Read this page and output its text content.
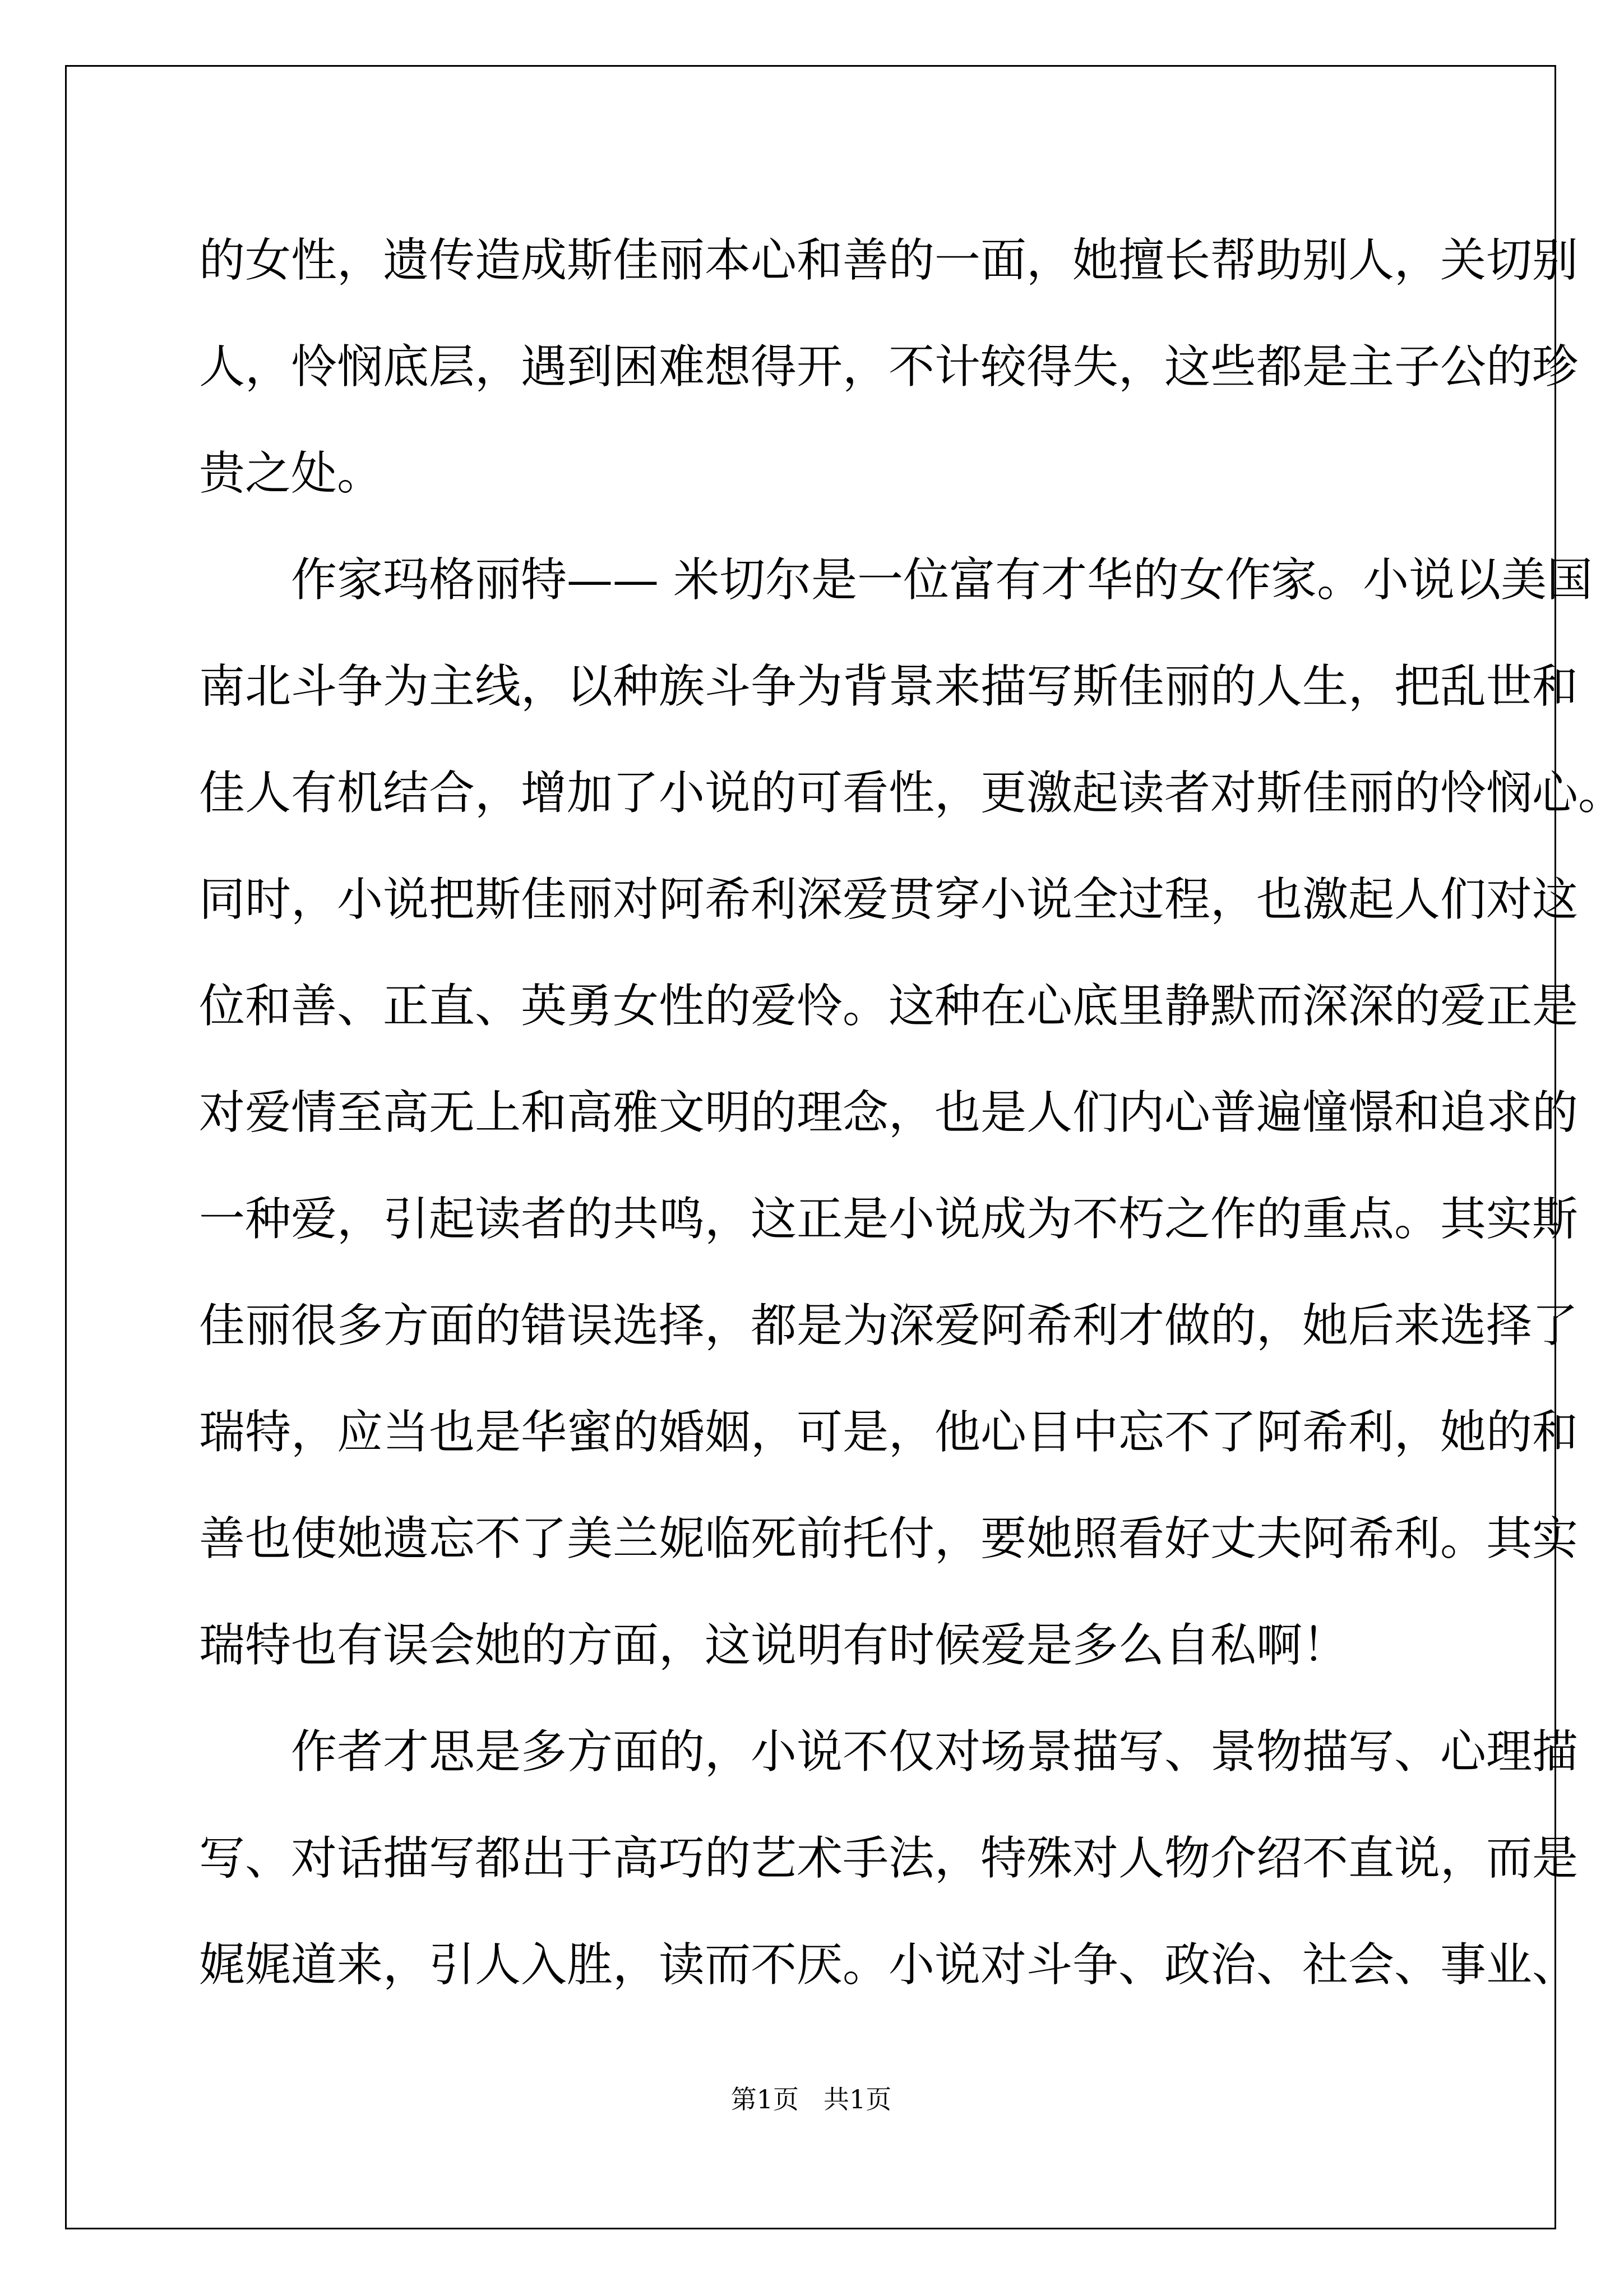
的女性，遗传造成斯佳丽本心和善的一面，她擅长帮助别人，关切别

人，怜悯底层，遇到困难想得开，不计较得失，这些都是主子公的珍

贵之处。

作家玛格丽特—— 米切尔是一位富有才华的女作家。小说以美国

南北斗争为主线，以种族斗争为背景来描写斯佳丽的人生，把乱世和

佳人有机结合，增加了小说的可看性，更激起读者对斯佳丽的怜悯心。

同时，小说把斯佳丽对阿希利深爱贯穿小说全过程，也激起人们对这

位和善、正直、英勇女性的爱怜。这种在心底里静默而深深的爱正是

对爱情至高无上和高雅文明的理念，也是人们内心普遍憧憬和追求的

一种爱，引起读者的共鸣，这正是小说成为不朽之作的重点。其实斯

佳丽很多方面的错误选择，都是为深爱阿希利才做的，她后来选择了

瑞特，应当也是华蜜的婚姻，可是，他心目中忘不了阿希利，她的和

善也使她遗忘不了美兰妮临死前托付，要她照看好丈夫阿希利。其实

瑞特也有误会她的方面，这说明有时候爱是多么自私啊！

作者才思是多方面的，小说不仅对场景描写、景物描写、心理描

写、对话描写都出于高巧的艺术手法，特殊对人物介绍不直说，而是

娓娓道来，引人入胜，读而不厌。小说对斗争、政治、社会、事业、

第1页 共1页
